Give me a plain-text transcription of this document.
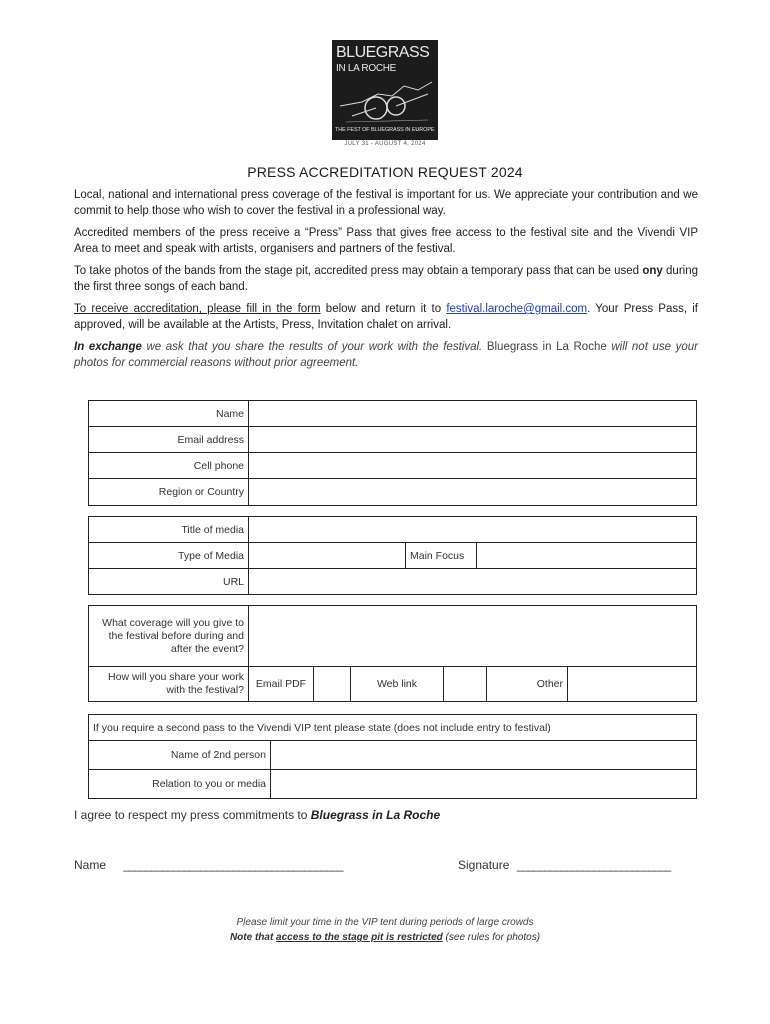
BLUEGRASS
IN LA ROCHE
THE FEST OF BLUEGRASS IN EUROPE
JULY 31 - AUGUST 4, 2024
PRESS ACCREDITATION REQUEST 2024
Local, national and international press coverage of the festival is important for us. We appreciate your contribution and we commit to help those who wish to cover the festival in a professional way.
Accredited members of the press receive a “Press” Pass that gives free access to the festival site and the Vivendi VIP Area to meet and speak with artists, organisers and partners of the festival.
To take photos of the bands from the stage pit, accredited press may obtain a temporary pass that can be used ony during the first three songs of each band.
To receive accreditation, please fill in the form below and return it to festival.laroche@gmail.com. Your Press Pass, if approved, will be available at the Artists, Press, Invitation chalet on arrival.
In exchange we ask that you share the results of your work with the festival. Bluegrass in La Roche will not use your photos for commercial reasons without prior agreement.
Name	
Email address	
Cell phone	
Region or Country	
Title of media			
Type of Media		Main Focus	
URL			
What coverage will you give to the festival before during and after the event?						
How will you share your work with the festival?	Email PDF		Web link		Other	
If you require a second pass to the Vivendi VIP tent please state (does not include entry to festival)	
Name of 2nd person	
Relation to you or media	
I agree to respect my press commitments to Bluegrass in La Roche
Name ________________________________________	Signature ____________________________
Please limit your time in the VIP tent during periods of large crowds
Note that access to the stage pit is restricted (see rules for photos)
